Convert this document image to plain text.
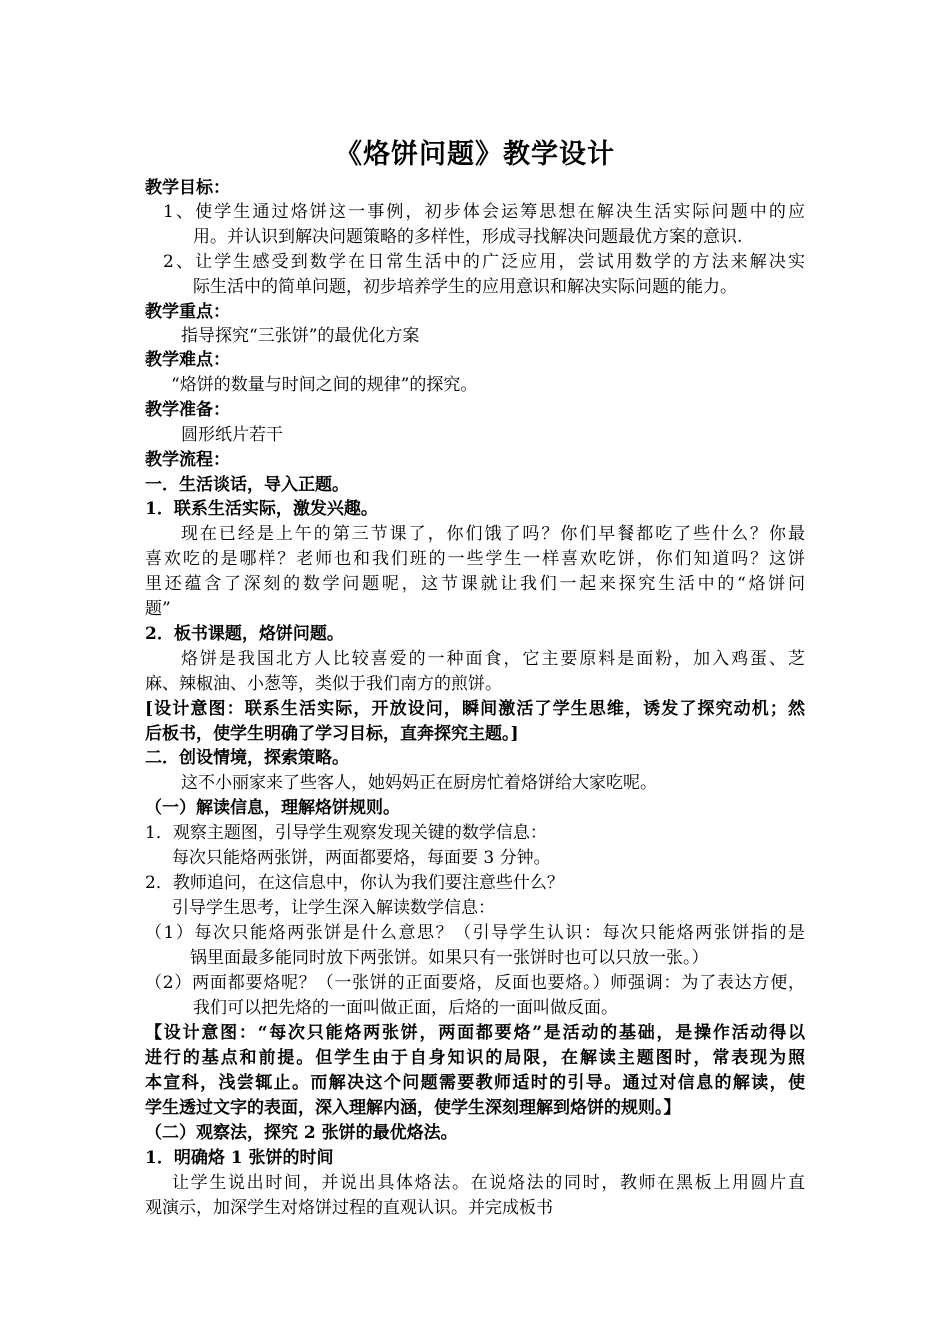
《烙饼问题》教学设计
教学目标：
1、使学生通过烙饼这一事例，初步体会运筹思想在解决生活实际问题中的应
用。并认识到解决问题策略的多样性，形成寻找解决问题最优方案的意识.
2、让学生感受到数学在日常生活中的广泛应用，尝试用数学的方法来解决实
际生活中的简单问题，初步培养学生的应用意识和解决实际问题的能力。
教学重点：
指导探究“三张饼”的最优化方案
教学难点：
“烙饼的数量与时间之间的规律”的探究。
教学准备：
圆形纸片若干
教学流程：
一．生活谈话，导入正题。
1．联系生活实际，激发兴趣。
现在已经是上午的第三节课了，你们饿了吗？你们早餐都吃了些什么？你最
喜欢吃的是哪样？老师也和我们班的一些学生一样喜欢吃饼，你们知道吗？这饼
里还蕴含了深刻的数学问题呢，这节课就让我们一起来探究生活中的“烙饼问
题”
2．板书课题，烙饼问题。
烙饼是我国北方人比较喜爱的一种面食，它主要原料是面粉，加入鸡蛋、芝
麻、辣椒油、小葱等，类似于我们南方的煎饼。
[设计意图：联系生活实际，开放设问，瞬间激活了学生思维，诱发了探究动机；然
后板书，使学生明确了学习目标，直奔探究主题。]
二．创设情境，探索策略。
这不小丽家来了些客人，她妈妈正在厨房忙着烙饼给大家吃呢。
（一）解读信息，理解烙饼规则。
1．观察主题图，引导学生观察发现关键的数学信息：
每次只能烙两张饼，两面都要烙，每面要 3 分钟。
2．教师追问，在这信息中，你认为我们要注意些什么？
引导学生思考，让学生深入解读数学信息：
（1）每次只能烙两张饼是什么意思？（引导学生认识：每次只能烙两张饼指的是
锅里面最多能同时放下两张饼。如果只有一张饼时也可以只放一张。）
（2）两面都要烙呢？（一张饼的正面要烙，反面也要烙。）师强调：为了表达方便，
我们可以把先烙的一面叫做正面，后烙的一面叫做反面。
【设计意图：“每次只能烙两张饼，两面都要烙”是活动的基础，是操作活动得以
进行的基点和前提。但学生由于自身知识的局限，在解读主题图时，常表现为照
本宣科，浅尝辄止。而解决这个问题需要教师适时的引导。通过对信息的解读，使
学生透过文字的表面，深入理解内涵，使学生深刻理解到烙饼的规则。】
（二）观察法，探究 2 张饼的最优烙法。
1．明确烙 1 张饼的时间
让学生说出时间，并说出具体烙法。在说烙法的同时，教师在黑板上用圆片直
观演示，加深学生对烙饼过程的直观认识。并完成板书
